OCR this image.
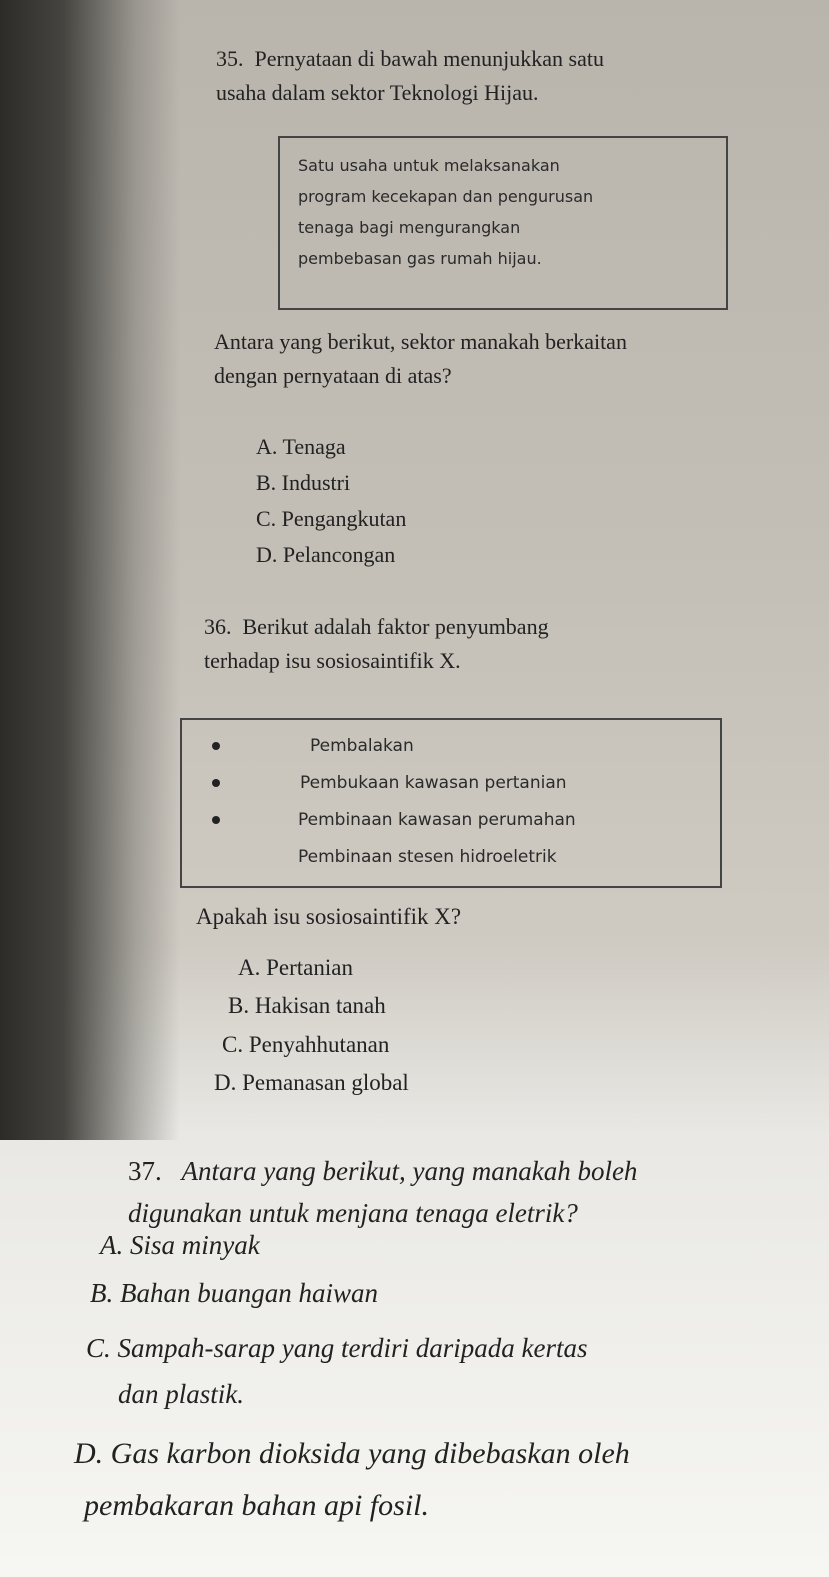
35. Pernyataan di bawah menunjukkan satu
usaha dalam sektor Teknologi Hijau.
Satu usaha untuk melaksanakan
program kecekapan dan pengurusan
tenaga bagi mengurangkan
pembebasan gas rumah hijau.
Antara yang berikut, sektor manakah berkaitan
dengan pernyataan di atas?
A. Tenaga
B. Industri
C. Pengangkutan
D. Pelancongan
36. Berikut adalah faktor penyumbang
terhadap isu sosiosaintifik X.
Pembalakan
Pembukaan kawasan pertanian
Pembinaan kawasan perumahan
Pembinaan stesen hidroeletrik
Apakah isu sosiosaintifik X?
A. Pertanian
B. Hakisan tanah
C. Penyahhutanan
D. Pemanasan global
37. Antara yang berikut, yang manakah boleh
digunakan untuk menjana tenaga eletrik?
A. Sisa minyak
B. Bahan buangan haiwan
C. Sampah-sarap yang terdiri daripada kertas
dan plastik.
D. Gas karbon dioksida yang dibebaskan oleh
pembakaran bahan api fosil.
